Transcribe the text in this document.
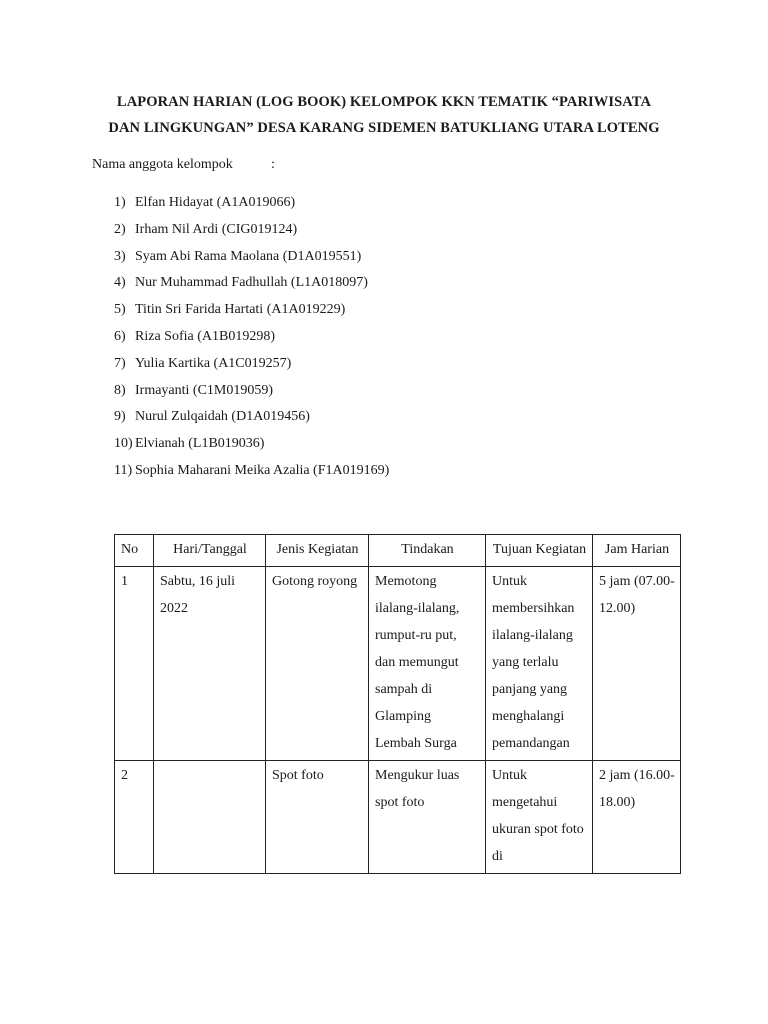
LAPORAN HARIAN (LOG BOOK) KELOMPOK KKN TEMATIK “PARIWISATA
DAN LINGKUNGAN” DESA KARANG SIDEMEN BATUKLIANG UTARA LOTENG
Nama anggota kelompok	:
1) Elfan Hidayat (A1A019066)
2) Irham Nil Ardi (CIG019124)
3) Syam Abi Rama Maolana (D1A019551)
4) Nur Muhammad Fadhullah (L1A018097)
5) Titin Sri Farida Hartati (A1A019229)
6) Riza Sofia (A1B019298)
7) Yulia Kartika (A1C019257)
8) Irmayanti (C1M019059)
9) Nurul Zulqaidah (D1A019456)
10) Elvianah (L1B019036)
11) Sophia Maharani Meika Azalia (F1A019169)
No	Hari/Tanggal	Jenis Kegiatan	Tindakan	Tujuan Kegiatan	Jam Harian

1	Sabtu, 16 juli 2022	Gotong royong	Memotong ilalang-ilalang, rumput-ru put, dan memungut sampah di Glamping Lembah Surga	Untuk membersihkan ilalang-ilalang yang terlalu panjang yang menghalangi pemandangan	5 jam (07.00-12.00)

2		Spot foto	Mengukur luas spot foto	Untuk mengetahui ukuran spot foto di	2 jam (16.00-18.00)
